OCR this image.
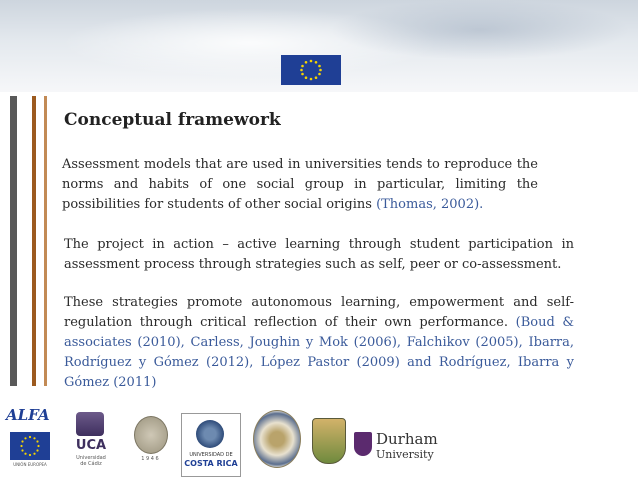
Conceptual framework

Assessment models that are used in universities tends to reproduce the norms and habits of one social group in particular, limiting the possibilities for students of other social origins (Thomas, 2002).

The project in action – active learning through student participation in assessment process through strategies such as self, peer or co-assessment.

These strategies promote autonomous learning, empowerment and self-regulation through critical reflection of their own performance. (Boud & associates (2010), Carless, Joughin y Mok (2006), Falchikov (2005), Ibarra, Rodríguez y Gómez (2012), López Pastor (2009) and Rodríguez, Ibarra y Gómez (2011)

ALFA
UNIÓN EUROPEA
UCA
Universidad
de Cádiz
1 9 4 6
UNIVERSIDAD DE
COSTA RICA
Durham
University
